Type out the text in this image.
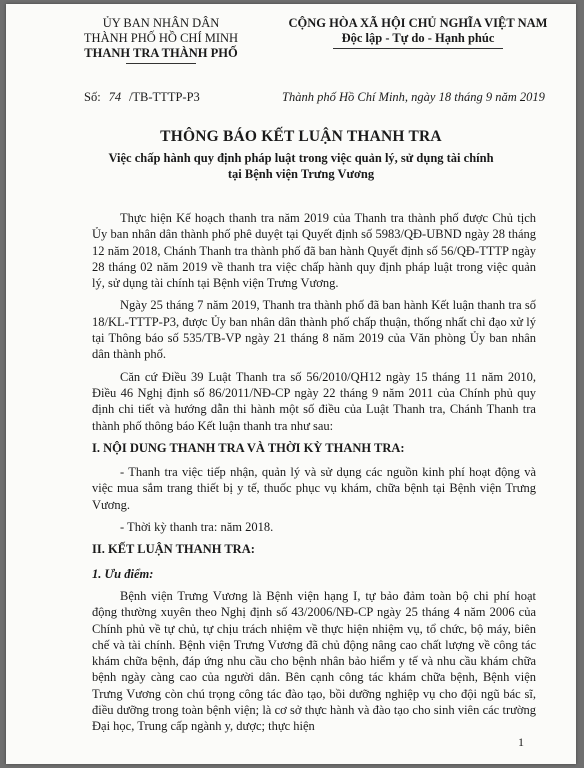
ỦY BAN NHÂN DÂN
THÀNH PHỐ HỒ CHÍ MINH
THANH TRA THÀNH PHỐ
CỘNG HÒA XÃ HỘI CHỦ NGHĨA VIỆT NAM
Độc lập - Tự do - Hạnh phúc
Số: 74 /TB-TTTP-P3	Thành phố Hồ Chí Minh, ngày 18 tháng 9 năm 2019
THÔNG BÁO KẾT LUẬN THANH TRA
Việc chấp hành quy định pháp luật trong việc quản lý, sử dụng tài chính
tại Bệnh viện Trưng Vương

Thực hiện Kế hoạch thanh tra năm 2019 của Thanh tra thành phố được Chủ tịch Ủy ban nhân dân thành phố phê duyệt tại Quyết định số 5983/QĐ-UBND ngày 28 tháng 12 năm 2018, Chánh Thanh tra thành phố đã ban hành Quyết định số 56/QĐ-TTTP ngày 28 tháng 02 năm 2019 về thanh tra việc chấp hành quy định pháp luật trong việc quản lý, sử dụng tài chính tại Bệnh viện Trưng Vương.

Ngày 25 tháng 7 năm 2019, Thanh tra thành phố đã ban hành Kết luận thanh tra số 18/KL-TTTP-P3, được Ủy ban nhân dân thành phố chấp thuận, thống nhất chỉ đạo xử lý tại Thông báo số 535/TB-VP ngày 21 tháng 8 năm 2019 của Văn phòng Ủy ban nhân dân thành phố.

Căn cứ Điều 39 Luật Thanh tra số 56/2010/QH12 ngày 15 tháng 11 năm 2010, Điều 46 Nghị định số 86/2011/NĐ-CP ngày 22 tháng 9 năm 2011 của Chính phủ quy định chi tiết và hướng dẫn thi hành một số điều của Luật Thanh tra, Chánh Thanh tra thành phố thông báo Kết luận thanh tra như sau:

I. NỘI DUNG THANH TRA VÀ THỜI KỲ THANH TRA:

- Thanh tra việc tiếp nhận, quản lý và sử dụng các nguồn kinh phí hoạt động và việc mua sắm trang thiết bị y tế, thuốc phục vụ khám, chữa bệnh tại Bệnh viện Trưng Vương.

- Thời kỳ thanh tra: năm 2018.

II. KẾT LUẬN THANH TRA:

1. Ưu điểm:

Bệnh viện Trưng Vương là Bệnh viện hạng I, tự bảo đảm toàn bộ chi phí hoạt động thường xuyên theo Nghị định số 43/2006/NĐ-CP ngày 25 tháng 4 năm 2006 của Chính phủ về tự chủ, tự chịu trách nhiệm về thực hiện nhiệm vụ, tổ chức, bộ máy, biên chế và tài chính. Bệnh viện Trưng Vương đã chủ động nâng cao chất lượng về công tác khám chữa bệnh, đáp ứng nhu cầu cho bệnh nhân bảo hiểm y tế và nhu cầu khám chữa bệnh ngày càng cao của người dân. Bên cạnh công tác khám chữa bệnh, Bệnh viện Trưng Vương còn chú trọng công tác đào tạo, bồi dưỡng nghiệp vụ cho đội ngũ bác sĩ, điều dưỡng trong toàn bệnh viện; là cơ sở thực hành và đào tạo cho sinh viên các trường Đại học, Trung cấp ngành y, dược; thực hiện

1
